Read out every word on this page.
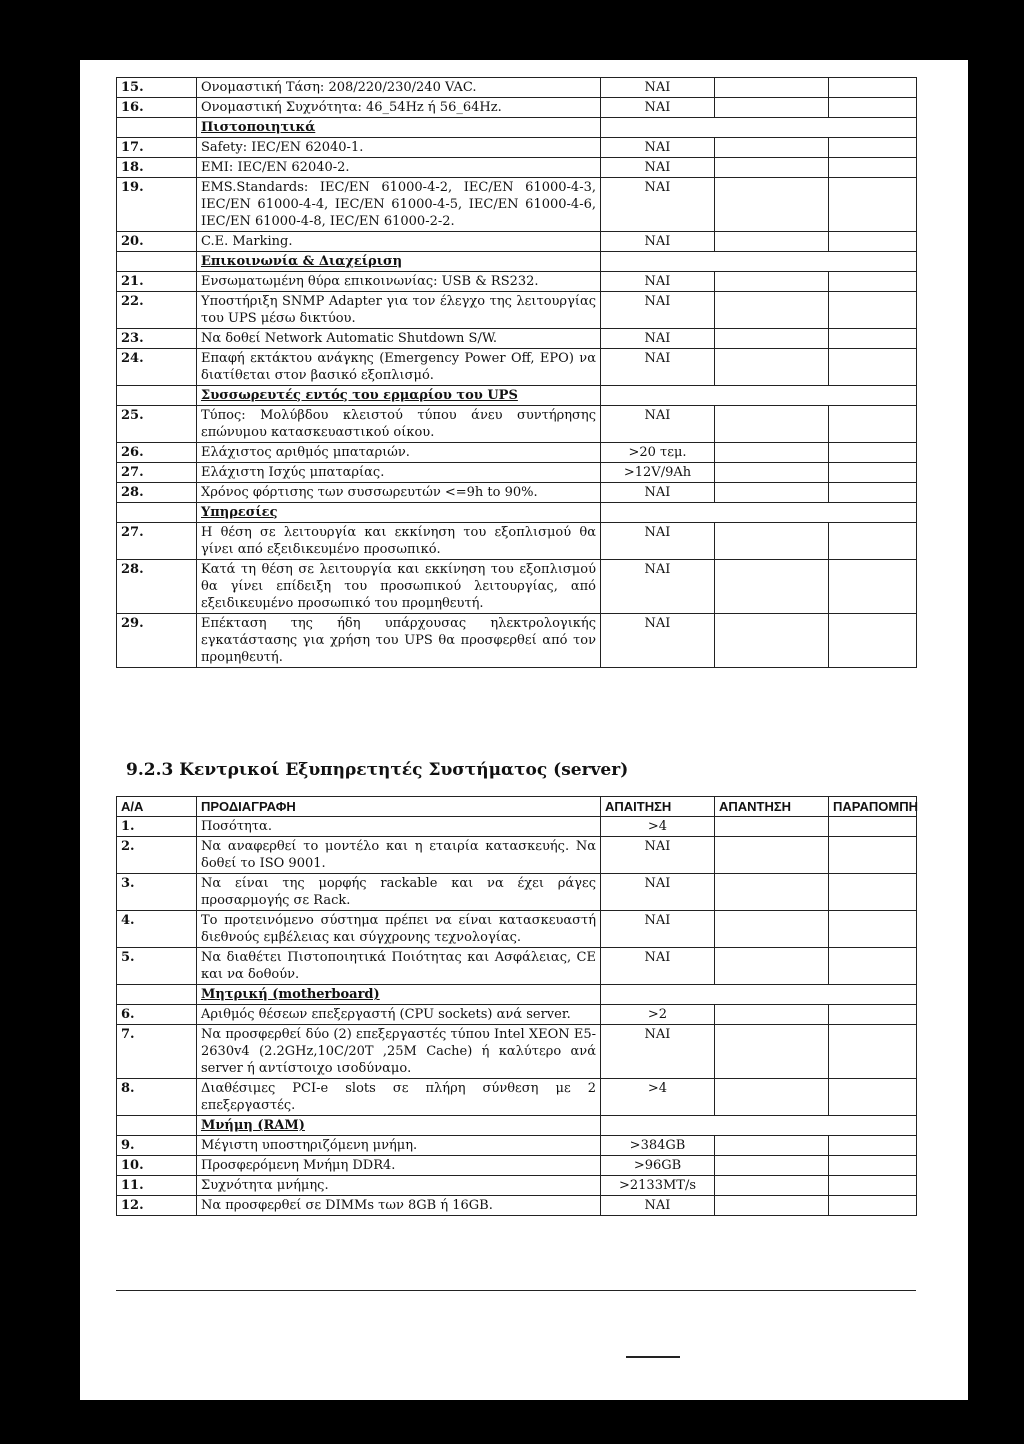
15.	Ονομαστική Τάση: 208/220/230/240 VAC.	ΝΑΙ		
16.	Ονομαστική Συχνότητα: 46_54Hz ή 56_64Hz.	ΝΑΙ		
	Πιστοποιητικά			
17.	Safety: IEC/EN 62040-1.	ΝΑΙ		
18.	EMI: IEC/EN 62040-2.	ΝΑΙ		
19.	EMS.Standards: IEC/EN 61000-4-2, IEC/EN 61000-4-3, IEC/EN 61000-4-4, IEC/EN 61000-4-5, IEC/EN 61000-4-6, IEC/EN 61000-4-8, IEC/EN 61000-2-2.	ΝΑΙ		
20.	C.E. Marking.	ΝΑΙ		
	Επικοινωνία & Διαχείριση			
21.	Ενσωματωμένη θύρα επικοινωνίας: USB & RS232.	ΝΑΙ		
22.	Υποστήριξη SNMP Adapter για τον έλεγχο της λειτουργίας του UPS μέσω δικτύου.	ΝΑΙ		
23.	Να δοθεί Network Automatic Shutdown S/W.	ΝΑΙ		
24.	Επαφή εκτάκτου ανάγκης (Emergency Power Off, EPO) να διατίθεται στον βασικό εξοπλισμό.	ΝΑΙ		
	Συσσωρευτές εντός του ερμαρίου του UPS			
25.	Τύπος: Μολύβδου κλειστού τύπου άνευ συντήρησης επώνυμου κατασκευαστικού οίκου.	ΝΑΙ		
26.	Ελάχιστος αριθμός μπαταριών.	>20 τεμ.		
27.	Ελάχιστη Ισχύς μπαταρίας.	>12V/9Ah		
28.	Χρόνος φόρτισης των συσσωρευτών <=9h to 90%.	ΝΑΙ		
	Υπηρεσίες			
27.	Η θέση σε λειτουργία και εκκίνηση του εξοπλισμού θα γίνει από εξειδικευμένο προσωπικό.	ΝΑΙ		
28.	Κατά τη θέση σε λειτουργία και εκκίνηση του εξοπλισμού θα γίνει επίδειξη του προσωπικού λειτουργίας, από εξειδικευμένο προσωπικό του προμηθευτή.	ΝΑΙ		
29.	Επέκταση της ήδη υπάρχουσας ηλεκτρολογικής εγκατάστασης για χρήση του UPS θα προσφερθεί από τον προμηθευτή.	ΝΑΙ		
9.2.3 Κεντρικοί Εξυπηρετητές Συστήματος (server)
Α/Α	ΠΡΟΔΙΑΓΡΑΦΗ	ΑΠΑΙΤΗΣΗ	ΑΠΑΝΤΗΣΗ	ΠΑΡΑΠΟΜΠΗ
1.	Ποσότητα.	>4		
2.	Να αναφερθεί το μοντέλο και η εταιρία κατασκευής. Να δοθεί το ISO 9001.	ΝΑΙ		
3.	Να είναι της μορφής rackable και να έχει ράγες προσαρμογής σε Rack.	ΝΑΙ		
4.	Το προτεινόμενο σύστημα πρέπει να είναι κατασκευαστή διεθνούς εμβέλειας και σύγχρονης τεχνολογίας.	ΝΑΙ		
5.	Να διαθέτει Πιστοποιητικά Ποιότητας και Ασφάλειας, CE και να δοθούν.	ΝΑΙ		
	Μητρική (motherboard)			
6.	Αριθμός θέσεων επεξεργαστή (CPU sockets) ανά server.	>2		
7.	Να προσφερθεί δύο (2) επεξεργαστές τύπου Intel XEON E5-2630v4 (2.2GHz,10C/20T ,25M Cache) ή καλύτερο ανά server ή αντίστοιχο ισοδύναμο.	ΝΑΙ		
8.	Διαθέσιμες PCI-e slots σε πλήρη σύνθεση με 2 επεξεργαστές.	>4		
	Μνήμη (RAM)			
9.	Μέγιστη υποστηριζόμενη μνήμη.	>384GB		
10.	Προσφερόμενη Μνήμη DDR4.	>96GB		
11.	Συχνότητα μνήμης.	>2133MT/s		
12.	Να προσφερθεί σε DIMMs των 8GB ή 16GB.	ΝΑΙ		
